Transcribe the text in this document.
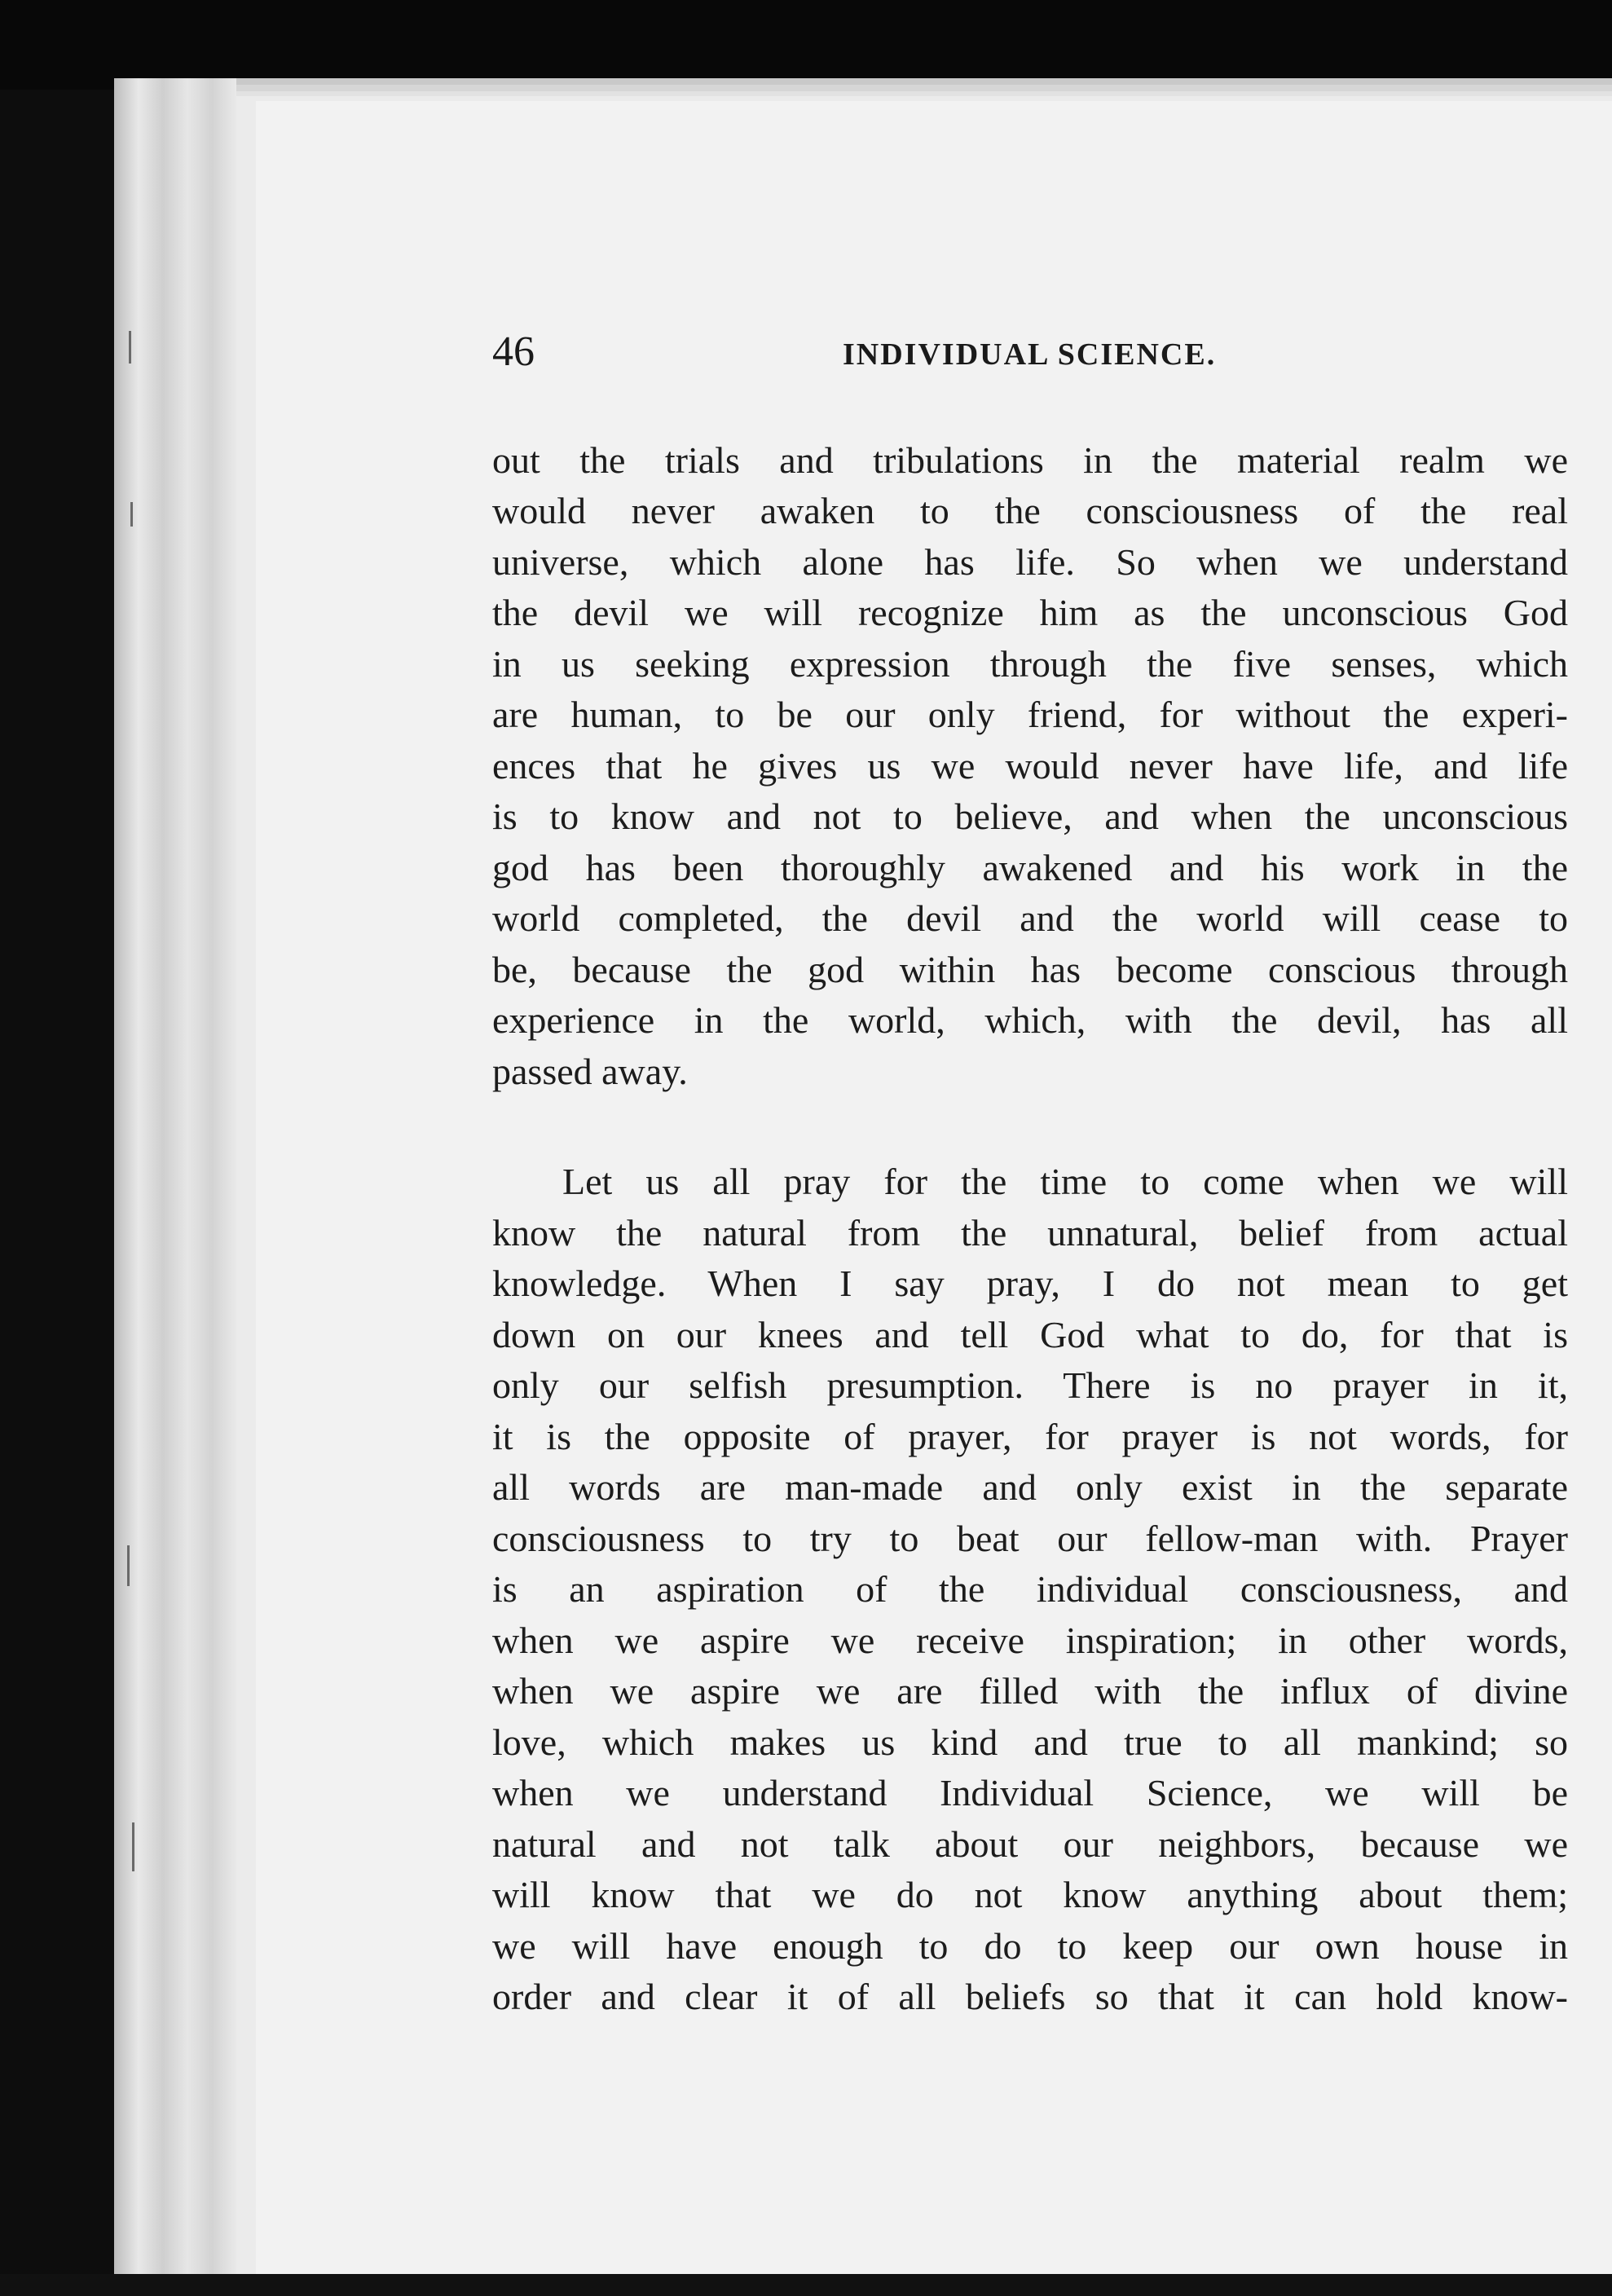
46	INDIVIDUAL SCIENCE.
out the trials and tribulations in the material realm we
would never awaken to the consciousness of the real
universe, which alone has life. So when we understand
the devil we will recognize him as the unconscious God
in us seeking expression through the five senses, which
are human, to be our only friend, for without the experi-
ences that he gives us we would never have life, and life
is to know and not to believe, and when the unconscious
god has been thoroughly awakened and his work in the
world completed, the devil and the world will cease to
be, because the god within has become conscious through
experience in the world, which, with the devil, has all
passed away.
Let us all pray for the time to come when we will
know the natural from the unnatural, belief from actual
knowledge. When I say pray, I do not mean to get
down on our knees and tell God what to do, for that is
only our selfish presumption. There is no prayer in it,
it is the opposite of prayer, for prayer is not words, for
all words are man-made and only exist in the separate
consciousness to try to beat our fellow-man with. Prayer
is an aspiration of the individual consciousness, and
when we aspire we receive inspiration; in other words,
when we aspire we are filled with the influx of divine
love, which makes us kind and true to all mankind; so
when we understand Individual Science, we will be
natural and not talk about our neighbors, because we
will know that we do not know anything about them;
we will have enough to do to keep our own house in
order and clear it of all beliefs so that it can hold know-
